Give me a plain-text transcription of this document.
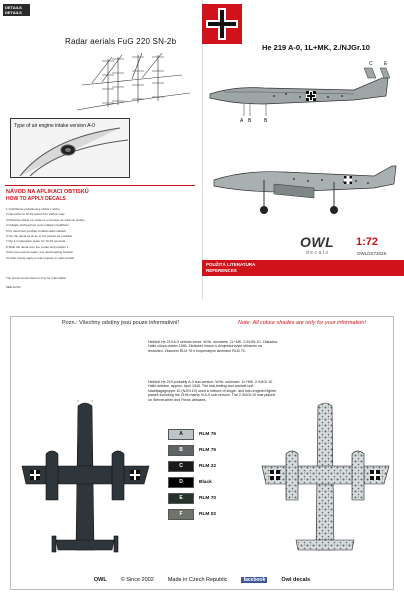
DETAILS DETAILS
Radar aerials FuG 220 SN-2b
Type of air engine intake version A-0
NÁVOD NA APLIKACI OBTISKŮ
HOW TO APPLY DECALS

1 Vystřihněte požadovaný obtisk z archu.

2 Namočte na 10-15 sekund do vlažné vody.

3 Přesuňte obtisk na model a vyrovnejte do správné polohy.

4 Odsajte přebytečnou vodu měkkým hadříkem.

5 Po zaschnutí použijte změkčovadlo obtisků.

6 Cut the decal as close to the picture as possible.

7 Dip it in lukewarm water for 10-15 seconds.

8 Slide the decal onto the model and position it.

9 Remove excess water, use decal setting solution.

10 After drying apply a coat of gloss or matt varnish.

The shown decal sheet is only for information.
SEE ALSO
He 219 A-0, 1L+MK, 2./NJGr.10
A B	B
C E
OWL
decals
1:72
OWLDS7202S
POUŽITÁ LITERATURA
REFERENCES
Pozn.: Všechny odstíny jsou pouze informativní!	Note: All colour shades are only for your information!
Heinkel He 219 A-0 sériová verze. W.Nr. neznámé. 1L+MK. 2./NJGr.10. Základna Hallé cílová duben 1945. Zkušební letoun s dvojmotorovým stíhacím na testování. Zbarvení RLM 76 s kropenatými skvrnami RLM 75.
Heinkel He 219 probably A-0 sub-version. W.Nr. unknown. 1L+MK. 2./NJGr.10. Halle airbase, approx. April 1945. The trial-testing and combat unit Nachtjagdgruppe 10 (NJGr.10) used a mixture of single- and twin-engined fighter planes including the 219s mainly in A-0 sub-version. The 2./NJGr.10 was placed on Werneuchen and Finow airbases.
A	RLM 76
B	RLM 75
C	RLM 22
D	Black
E	RLM 70
F	RLM 02
OWL	© Since 2002	Made in Czech Republic	facebook	Owl decals
